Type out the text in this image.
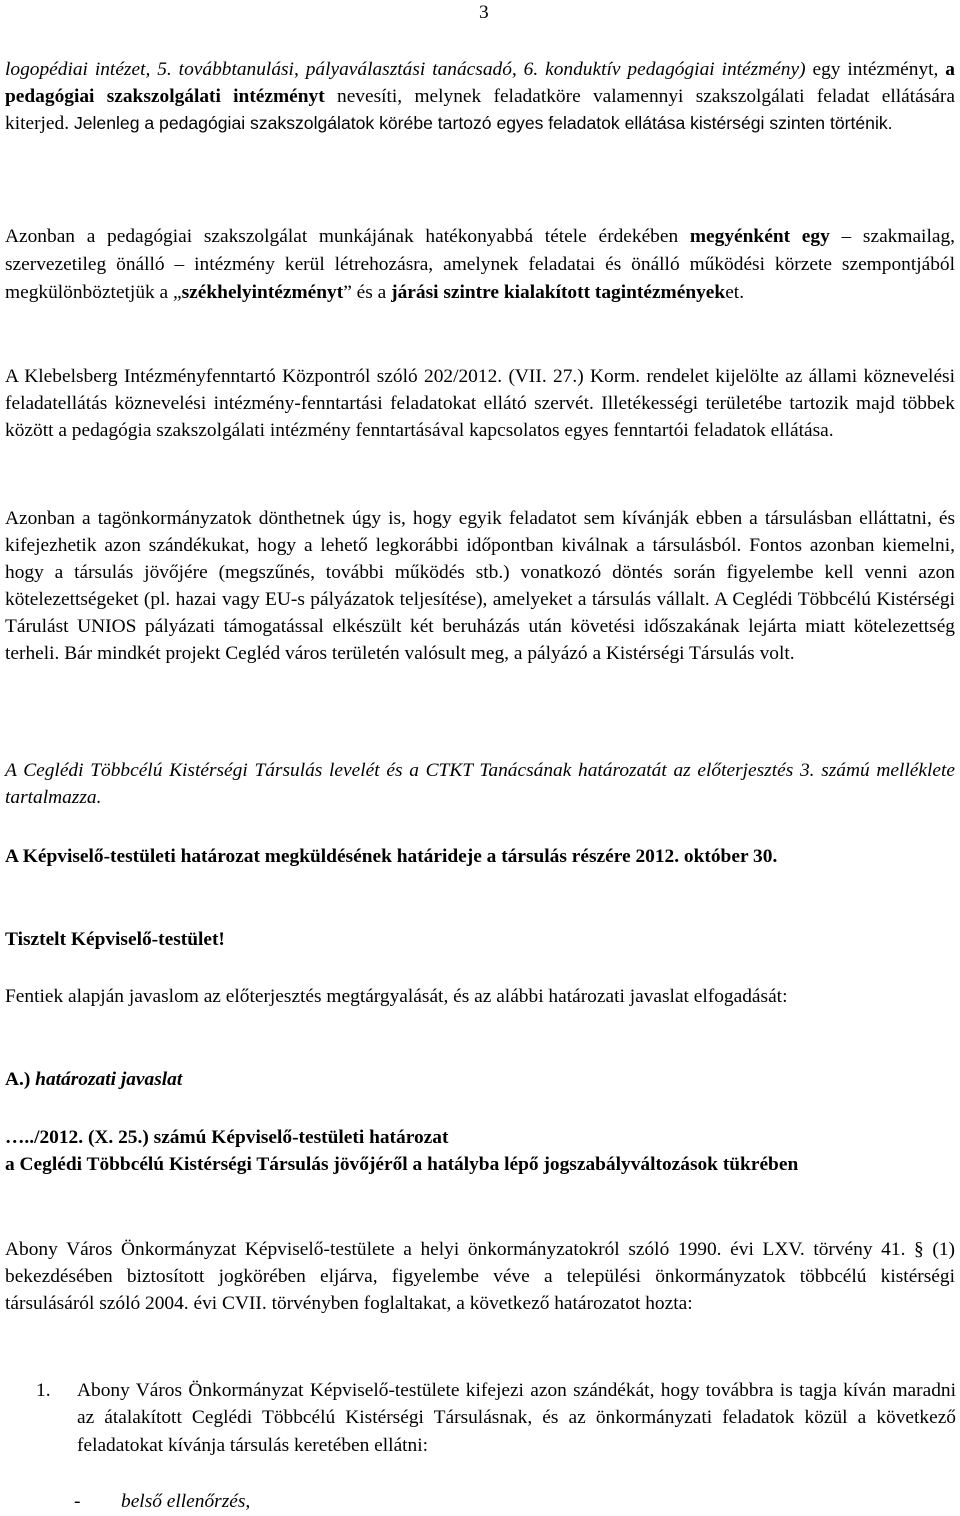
3

logopédiai intézet, 5. továbbtanulási, pályaválasztási tanácsadó, 6. konduktív pedagógiai intézmény) egy intézményt, a pedagógiai szakszolgálati intézményt nevesíti, melynek feladatköre valamennyi szakszolgálati feladat ellátására kiterjed. Jelenleg a pedagógiai szakszolgálatok körébe tartozó egyes feladatok ellátása kistérségi szinten történik.

Azonban a pedagógiai szakszolgálat munkájának hatékonyabbá tétele érdekében megyénként egy – szakmailag, szervezetileg önálló – intézmény kerül létrehozásra, amelynek feladatai és önálló működési körzete szempontjából megkülönböztetjük a „székhelyintézményt” és a járási szintre kialakított tagintézményeket.

A Klebelsberg Intézményfenntartó Központról szóló 202/2012. (VII. 27.) Korm. rendelet kijelölte az állami köznevelési feladatellátás köznevelési intézmény-fenntartási feladatokat ellátó szervét. Illetékességi területébe tartozik majd többek között a pedagógia szakszolgálati intézmény fenntartásával kapcsolatos egyes fenntartói feladatok ellátása.

Azonban a tagönkormányzatok dönthetnek úgy is, hogy egyik feladatot sem kívánják ebben a társulásban elláttatni, és kifejezhetik azon szándékukat, hogy a lehető legkorábbi időpontban kiválnak a társulásból. Fontos azonban kiemelni, hogy a társulás jövőjére (megszűnés, további működés stb.) vonatkozó döntés során figyelembe kell venni azon kötelezettségeket (pl. hazai vagy EU-s pályázatok teljesítése), amelyeket a társulás vállalt. A Ceglédi Többcélú Kistérségi Tárulást UNIOS pályázati támogatással elkészült két beruházás után követési időszakának lejárta miatt kötelezettség terheli. Bár mindkét projekt Cegléd város területén valósult meg, a pályázó a Kistérségi Társulás volt.

A Ceglédi Többcélú Kistérségi Társulás levelét és a CTKT Tanácsának határozatát az előterjesztés 3. számú melléklete tartalmazza.

A Képviselő-testületi határozat megküldésének határideje a társulás részére 2012. október 30.

Tisztelt Képviselő-testület!

Fentiek alapján javaslom az előterjesztés megtárgyalását, és az alábbi határozati javaslat elfogadását:

A.) határozati javaslat

…../2012. (X. 25.) számú Képviselő-testületi határozat
a Ceglédi Többcélú Kistérségi Társulás jövőjéről a hatályba lépő jogszabályváltozások tükrében

Abony Város Önkormányzat Képviselő-testülete a helyi önkormányzatokról szóló 1990. évi LXV. törvény 41. § (1) bekezdésében biztosított jogkörében eljárva, figyelembe véve a települési önkormányzatok többcélú kistérségi társulásáról szóló 2004. évi CVII. törvényben foglaltakat, a következő határozatot hozta:

1. Abony Város Önkormányzat Képviselő-testülete kifejezi azon szándékát, hogy továbbra is tagja kíván maradni az átalakított Ceglédi Többcélú Kistérségi Társulásnak, és az önkormányzati feladatok közül a következő feladatokat kívánja társulás keretében ellátni:
- belső ellenőrzés,
